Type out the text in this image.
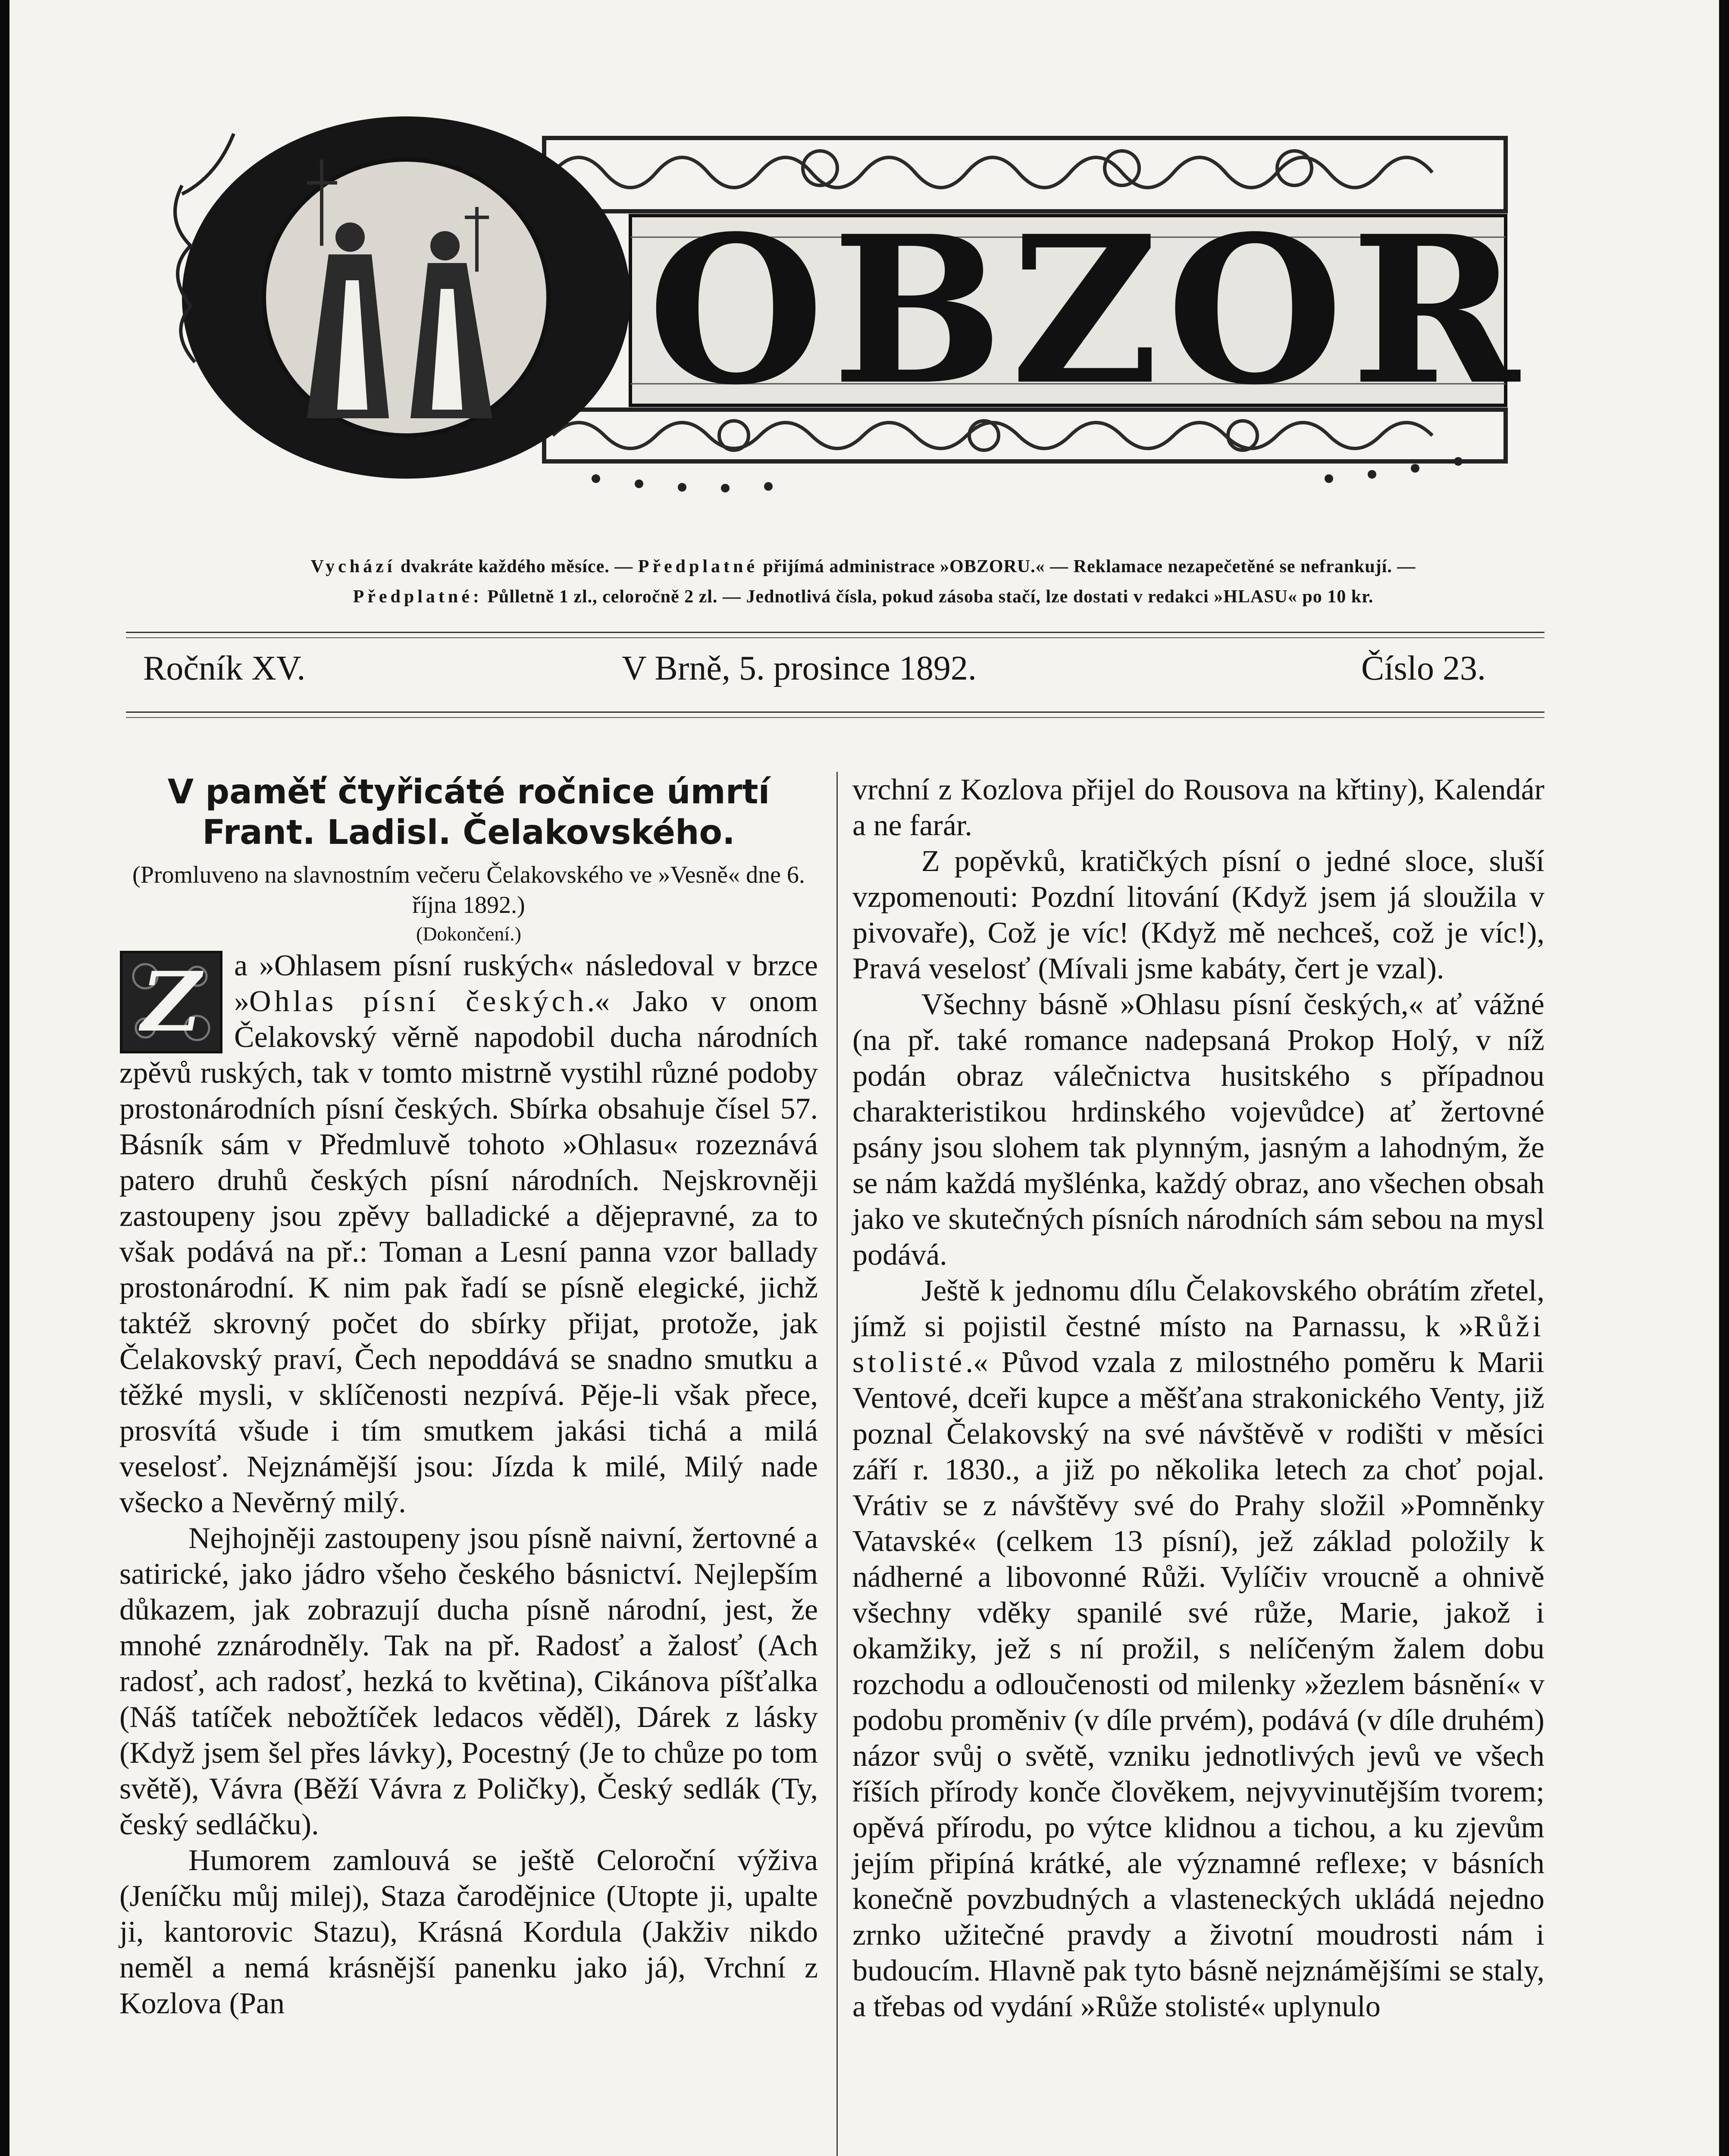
OBZOR
Vychází dvakráte každého měsíce. — Předplatné přijímá administrace »OBZORU.« — Reklamace nezapečetěné se nefrankují. —
Předplatné: Půlletně 1 zl., celoročně 2 zl. — Jednotlivá čísla, pokud zásoba stačí, lze dostati v redakci »HLASU« po 10 kr.
Ročník XV.	V Brně, 5. prosince 1892.	Číslo 23.
V paměť čtyřicáté ročnice úmrtí
Frant. Ladisl. Čelakovského.

(Promluveno na slavnostním večeru Čelakovského ve »Vesně« dne 6. října 1892.)

(Dokončení.)

Z	a »Ohlasem písní ruských« následoval v brzce »Ohlas písní českých.« Jako v onom Čelakovský věrně napodobil ducha národních zpěvů ruských, tak v tomto mistrně vystihl různé podoby prostonárodních písní českých. Sbírka obsahuje čísel 57. Básník sám v Předmluvě tohoto »Ohlasu« rozeznává patero druhů českých písní národních. Nejskrovněji zastoupeny jsou zpěvy balladické a dějepravné, za to však podává na př.: Toman a Lesní panna vzor ballady prostonárodní. K nim pak řadí se písně elegické, jichž taktéž skrovný počet do sbírky přijat, protože, jak Čelakovský praví, Čech nepoddává se snadno smutku a těžké mysli, v sklíčenosti nezpívá. Pěje-li však přece, prosvítá všude i tím smutkem jakási tichá a milá veselosť. Nejznámější jsou: Jízda k milé, Milý nade všecko a Nevěrný milý.

Nejhojněji zastoupeny jsou písně naivní, žertovné a satirické, jako jádro všeho českého básnictví. Nejlepším důkazem, jak zobrazují ducha písně národní, jest, že mnohé zznárodněly. Tak na př. Radosť a žalosť (Ach radosť, ach radosť, hezká to květina), Cikánova píšťalka (Náš tatíček nebožtíček ledacos věděl), Dárek z lásky (Když jsem šel přes lávky), Pocestný (Je to chůze po tom světě), Vávra (Běží Vávra z Poličky), Český sedlák (Ty, český sedláčku).

Humorem zamlouvá se ještě Celoroční výživa (Jeníčku můj milej), Staza čarodějnice (Utopte ji, upalte ji, kantorovic Stazu), Krásná Kordula (Jakživ nikdo neměl a nemá krásnější panenku jako já), Vrchní z Kozlova (Pan

vrchní z Kozlova přijel do Rousova na křtiny), Kalendár a ne farár.

Z popěvků, kratičkých písní o jedné sloce, sluší vzpomenouti: Pozdní litování (Když jsem já sloužila v pivovaře), Což je víc! (Když mě nechceš, což je víc!), Pravá veselosť (Mívali jsme kabáty, čert je vzal).

Všechny básně »Ohlasu písní českých,« ať vážné (na př. také romance nadepsaná Prokop Holý, v níž podán obraz válečnictva husitského s případnou charakteristikou hrdinského vojevůdce) ať žertovné psány jsou slohem tak plynným, jasným a lahodným, že se nám každá myšlénka, každý obraz, ano všechen obsah jako ve skutečných písních národních sám sebou na mysl podává.

Ještě k jednomu dílu Čelakovského obrátím zřetel, jímž si pojistil čestné místo na Parnassu, k »Růži stolisté.« Původ vzala z milostného poměru k Marii Ventové, dceři kupce a měšťana strakonického Venty, již poznal Čelakovský na své návštěvě v rodišti v měsíci září r. 1830., a již po několika letech za choť pojal. Vrátiv se z návštěvy své do Prahy složil »Pomněnky Vatavské« (celkem 13 písní), jež základ položily k nádherné a libovonné Růži. Vylíčiv vroucně a ohnivě všechny vděky spanilé své růže, Marie, jakož i okamžiky, jež s ní prožil, s nelíčeným žalem dobu rozchodu a odloučenosti od milenky »žezlem básnění« v podobu proměniv (v díle prvém), podává (v díle druhém) názor svůj o světě, vzniku jednotlivých jevů ve všech říších přírody konče člověkem, nejvyvinutějším tvorem; opěvá přírodu, po výtce klidnou a tichou, a ku zjevům jejím připíná krátké, ale významné reflexe; v básních konečně povzbudných a vlasteneckých ukládá nejedno zrnko užitečné pravdy a životní moudrosti nám i budoucím. Hlavně pak tyto básně nejznámějšími se staly, a třebas od vydání »Růže stolisté« uplynulo
